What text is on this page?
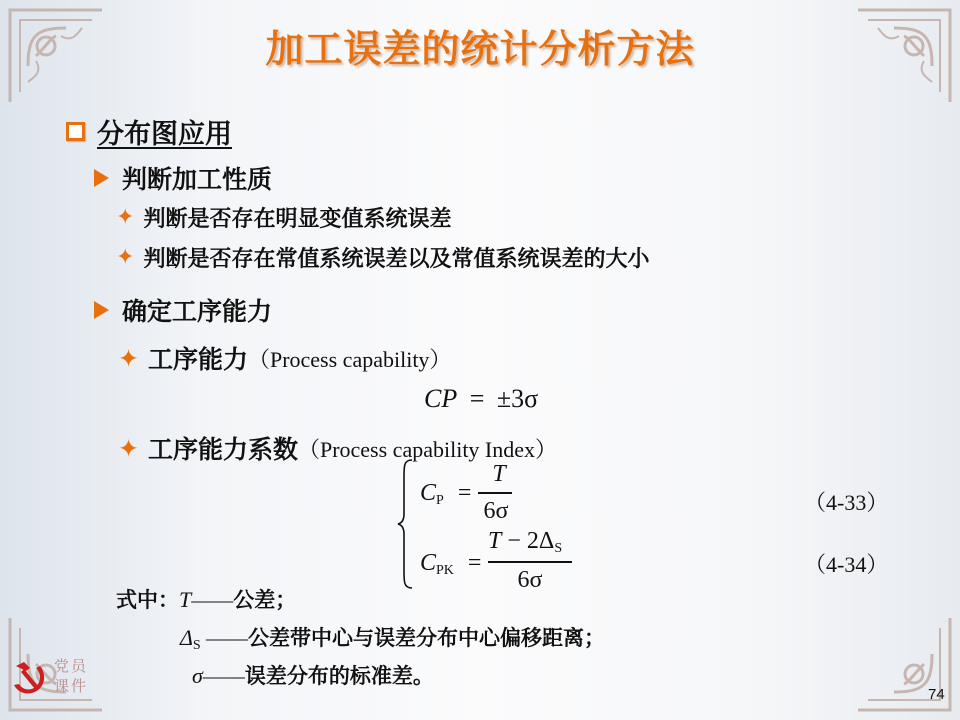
加工误差的统计分析方法
分布图应用
判断加工性质
✦ 判断是否存在明显变值系统误差
✦ 判断是否存在常值系统误差以及常值系统误差的大小
确定工序能力
✦ 工序能力 （Process capability）
CP = ±3σ
✦ 工序能力系数 （Process capability Index）
$C_P$ =
T
6σ	（4-33）
$C_{PK}$ =
$T - 2\Delta_S$
6σ
（4-34）
式中：T——公差；
$\Delta_S$ ——公差带中心与误差分布中心偏移距离；
σ——误差分布的标准差。
党员
课件	74
